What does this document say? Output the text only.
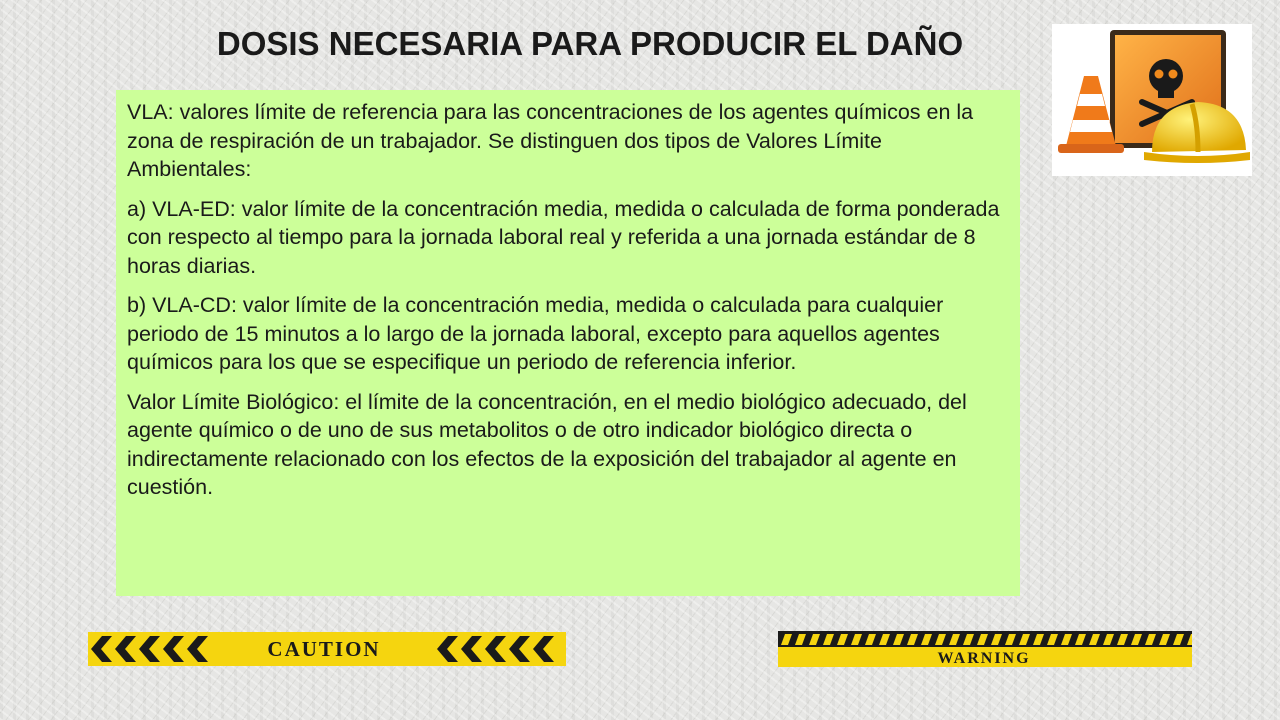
DOSIS NECESARIA PARA PRODUCIR EL DAÑO

VLA: valores límite de referencia para las concentraciones de los agentes químicos en la zona de respiración de un trabajador. Se distinguen dos tipos de Valores Límite Ambientales:

a) VLA-ED: valor límite de la concentración media, medida o calculada de forma ponderada con respecto al tiempo para la jornada laboral real y referida a una jornada estándar de 8 horas diarias.

b) VLA-CD: valor límite de la concentración media, medida o calculada para cualquier periodo de 15 minutos a lo largo de la jornada laboral, excepto para aquellos agentes químicos para los que se especifique un periodo de referencia inferior.

Valor Límite Biológico: el límite de la concentración, en el medio biológico adecuado, del agente químico o de uno de sus metabolitos o de otro indicador biológico directa o indirectamente relacionado con los efectos de la exposición del trabajador al agente en cuestión.

CAUTION	WARNING
